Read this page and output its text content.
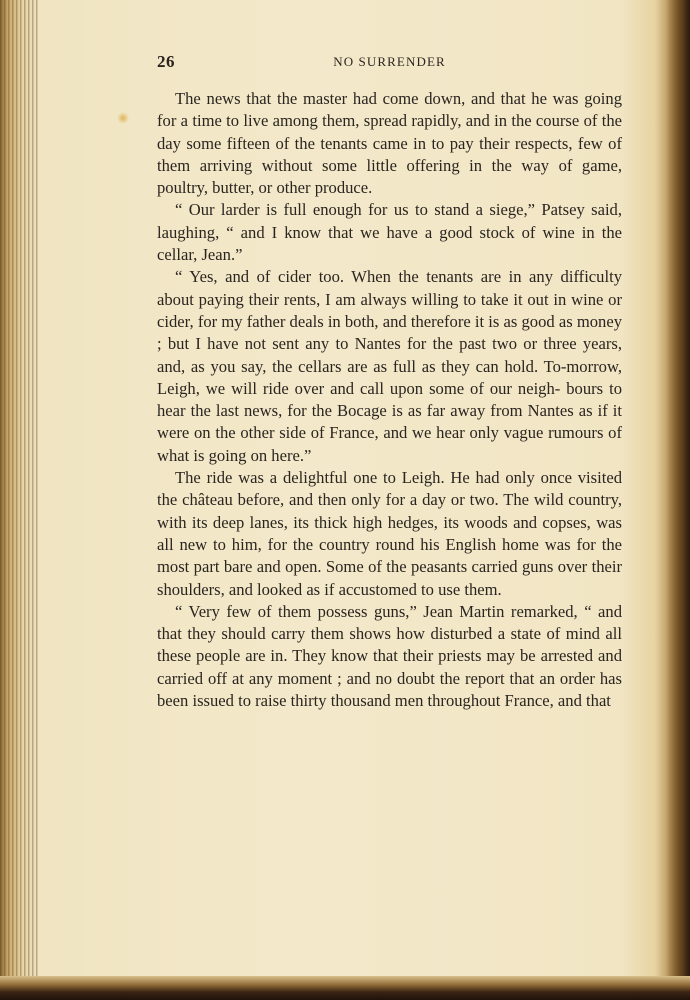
26	NO SURRENDER

The news that the master had come down, and that he was going for a time to live among them, spread rapidly, and in the course of the day some fifteen of the tenants came in to pay their respects, few of them arriving without some little offering in the way of game, poultry, butter, or other produce.

“ Our larder is full enough for us to stand a siege,” Patsey said, laughing, “ and I know that we have a good stock of wine in the cellar, Jean.”

“ Yes, and of cider too. When the tenants are in any difficulty about paying their rents, I am always willing to take it out in wine or cider, for my father deals in both, and therefore it is as good as money ; but I have not sent any to Nantes for the past two or three years, and, as you say, the cellars are as full as they can hold. To-morrow, Leigh, we will ride over and call upon some of our neigh- bours to hear the last news, for the Bocage is as far away from Nantes as if it were on the other side of France, and we hear only vague rumours of what is going on here.”

The ride was a delightful one to Leigh. He had only once visited the château before, and then only for a day or two. The wild country, with its deep lanes, its thick high hedges, its woods and copses, was all new to him, for the country round his English home was for the most part bare and open. Some of the peasants carried guns over their shoulders, and looked as if accustomed to use them.

“ Very few of them possess guns,” Jean Martin remarked, “ and that they should carry them shows how disturbed a state of mind all these people are in. They know that their priests may be arrested and carried off at any moment ; and no doubt the report that an order has been issued to raise thirty thousand men throughout France, and that
